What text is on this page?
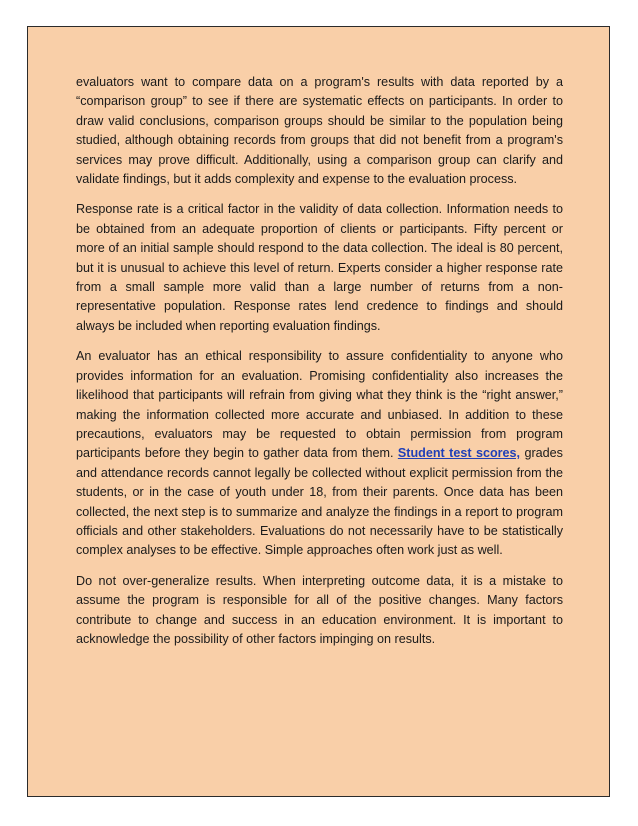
evaluators want to compare data on a program's results with data reported by a “comparison group” to see if there are systematic effects on participants. In order to draw valid conclusions, comparison groups should be similar to the population being studied, although obtaining records from groups that did not benefit from a program's services may prove difficult. Additionally, using a comparison group can clarify and validate findings, but it adds complexity and expense to the evaluation process.

Response rate is a critical factor in the validity of data collection. Information needs to be obtained from an adequate proportion of clients or participants. Fifty percent or more of an initial sample should respond to the data collection. The ideal is 80 percent, but it is unusual to achieve this level of return. Experts consider a higher response rate from a small sample more valid than a large number of returns from a non-representative population. Response rates lend credence to findings and should always be included when reporting evaluation findings.

An evaluator has an ethical responsibility to assure confidentiality to anyone who provides information for an evaluation. Promising confidentiality also increases the likelihood that participants will refrain from giving what they think is the “right answer,” making the information collected more accurate and unbiased. In addition to these precautions, evaluators may be requested to obtain permission from program participants before they begin to gather data from them. Student test scores, grades and attendance records cannot legally be collected without explicit permission from the students, or in the case of youth under 18, from their parents. Once data has been collected, the next step is to summarize and analyze the findings in a report to program officials and other stakeholders. Evaluations do not necessarily have to be statistically complex analyses to be effective. Simple approaches often work just as well.

Do not over-generalize results. When interpreting outcome data, it is a mistake to assume the program is responsible for all of the positive changes. Many factors contribute to change and success in an education environment. It is important to acknowledge the possibility of other factors impinging on results.
